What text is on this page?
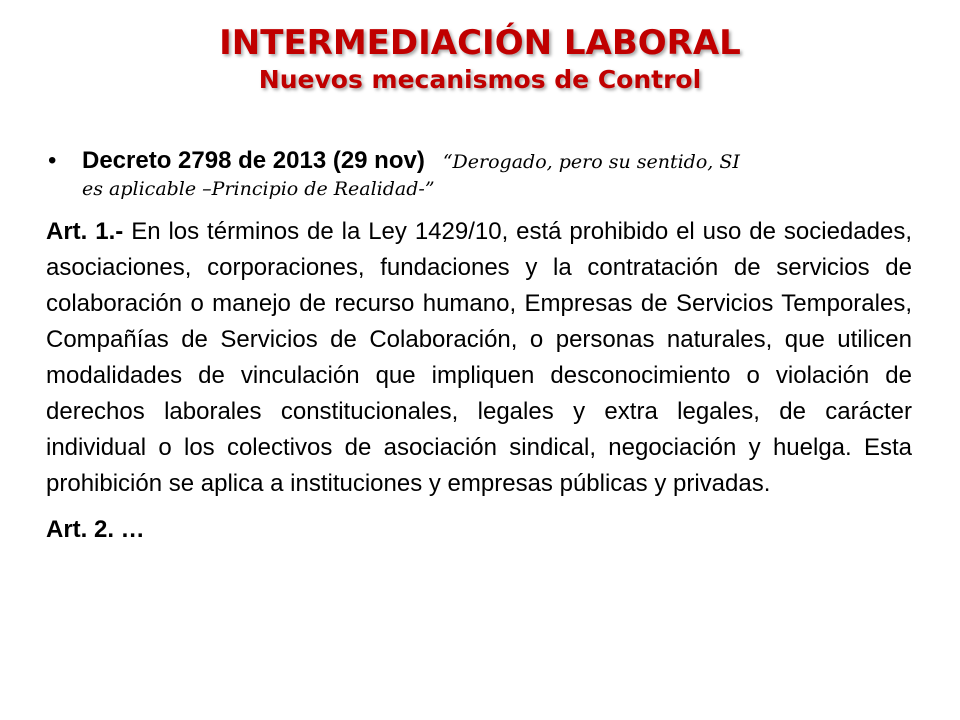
INTERMEDIACIÓN LABORAL
Nuevos mecanismos de Control
• Decreto 2798 de 2013 (29 nov) “Derogado, pero su sentido, SI

es aplicable –Principio de Realidad-”

Art. 1.- En los términos de la Ley 1429/10, está prohibido el uso de sociedades, asociaciones, corporaciones, fundaciones y la contratación de servicios de colaboración o manejo de recurso humano, Empresas de Servicios Temporales, Compañías de Servicios de Colaboración, o personas naturales, que utilicen modalidades de vinculación que impliquen desconocimiento o violación de derechos laborales constitucionales, legales y extra legales, de carácter individual o los colectivos de asociación sindical, negociación y huelga. Esta prohibición se aplica a instituciones y empresas públicas y privadas.

Art. 2. …
